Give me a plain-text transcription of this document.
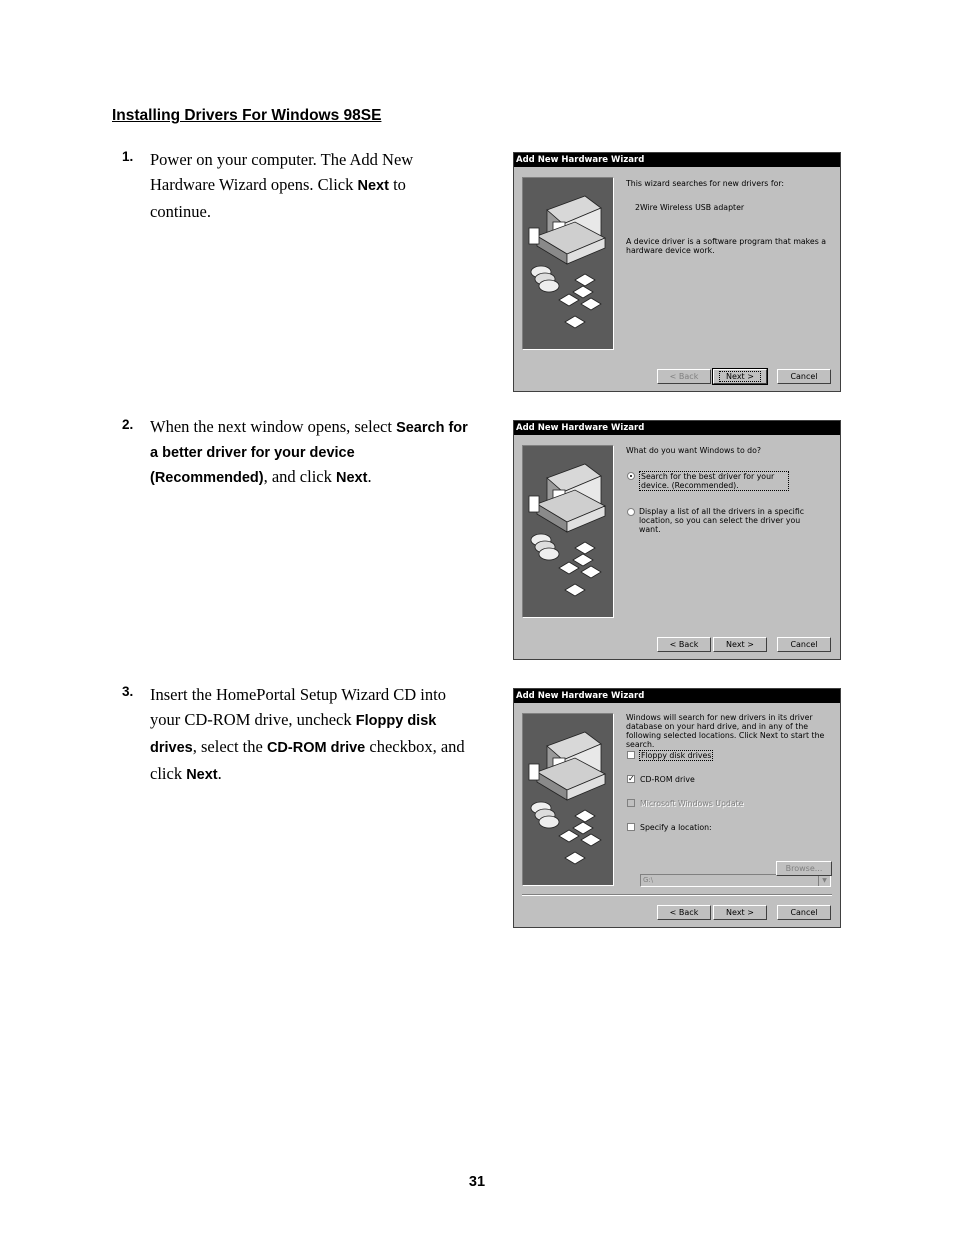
Installing Drivers For Windows 98SE
1. Power on your computer. The Add New Hardware Wizard opens. Click Next to continue.
2. When the next window opens, select Search for a better driver for your device (Recommended), and click Next.
3. Insert the HomePortal Setup Wizard CD into your CD-ROM drive, uncheck Floppy disk drives, select the CD-ROM drive checkbox, and click Next.
Add New Hardware Wizard
This wizard searches for new drivers for:
2Wire Wireless USB adapter
A device driver is a software program that makes a hardware device work.
< Back	Next >	Cancel
Add New Hardware Wizard
What do you want Windows to do?
Search for the best driver for your device. (Recommended).
Display a list of all the drivers in a specific location, so you can select the driver you want.
< Back	Next >	Cancel
Add New Hardware Wizard
Windows will search for new drivers in its driver database on your hard drive, and in any of the following selected locations. Click Next to start the search.
Floppy disk drives
✓ CD-ROM drive
Microsoft Windows Update
Specify a location:
G:\	▼
Browse...
< Back	Next >	Cancel
31
